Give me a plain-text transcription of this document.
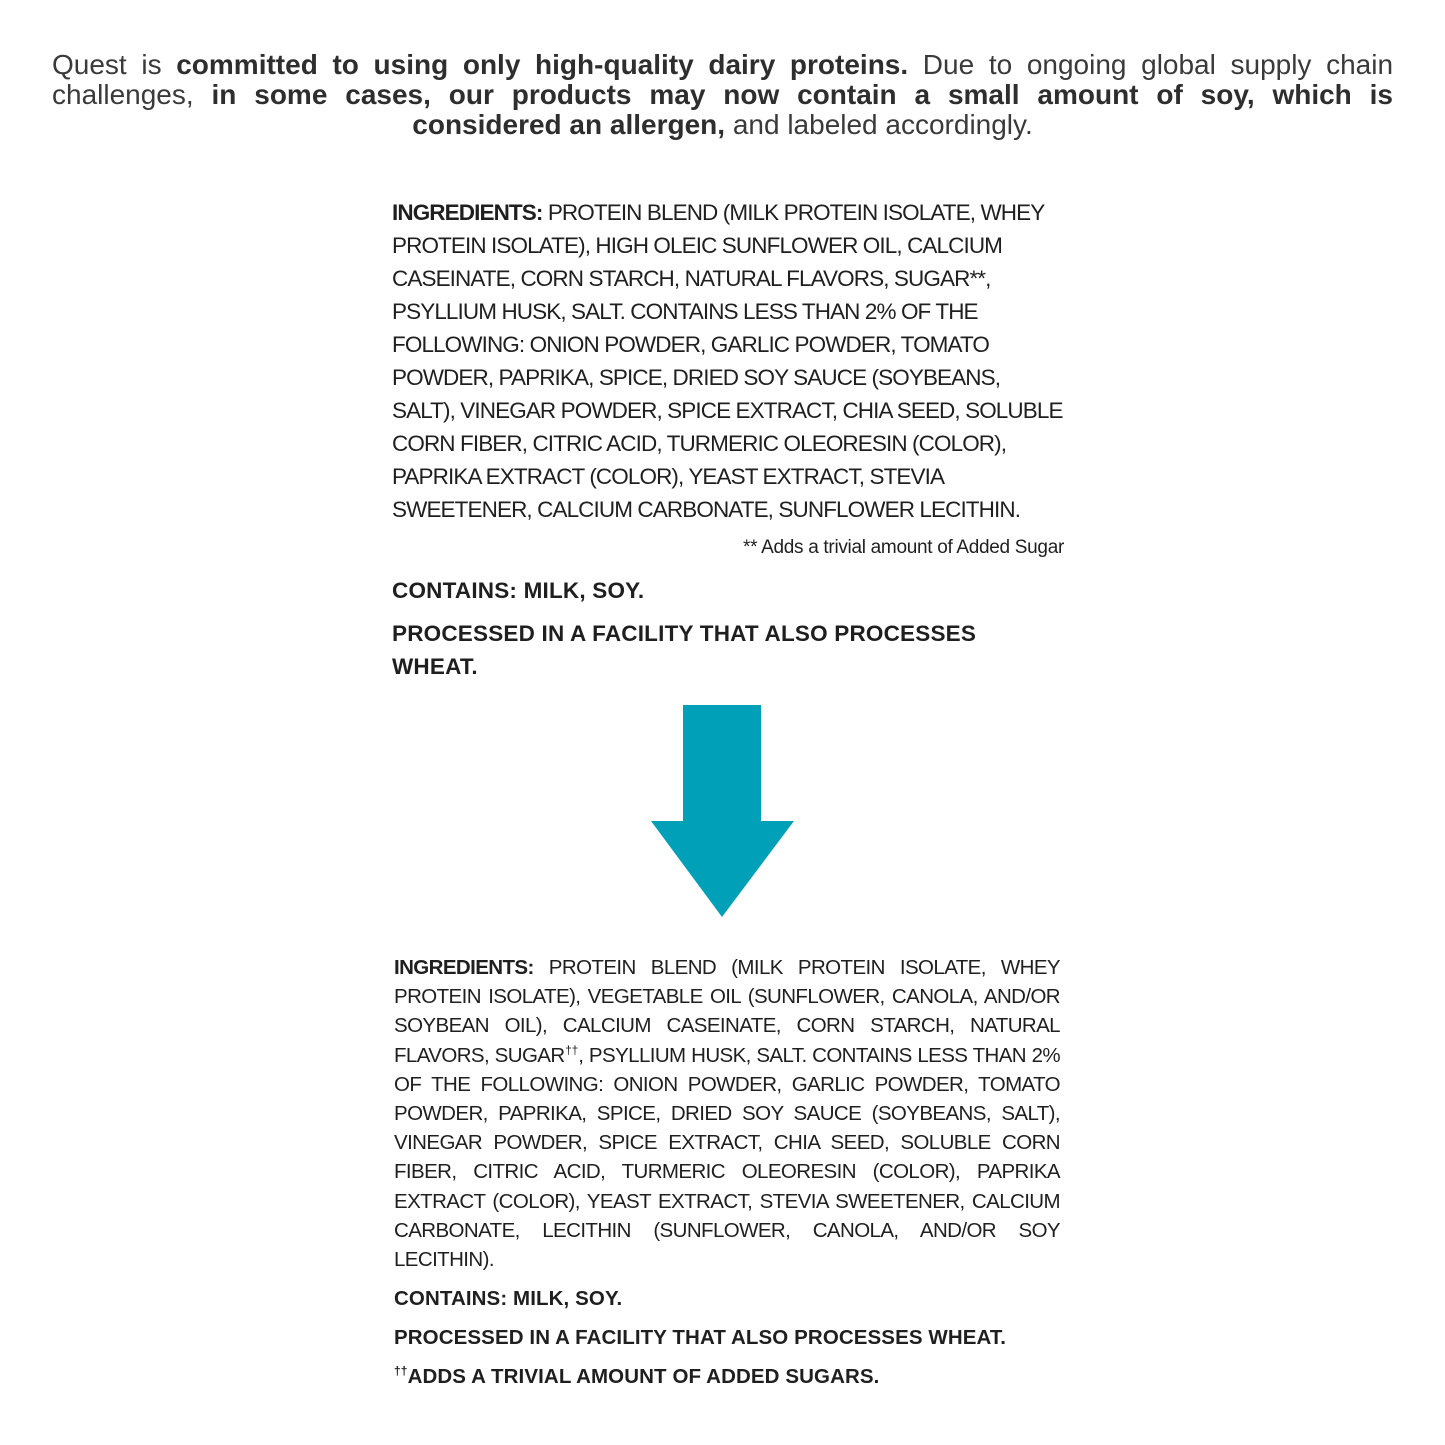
Quest is committed to using only high-quality dairy proteins. Due to ongoing global supply chain challenges, in some cases, our products may now contain a small amount of soy, which is considered an allergen, and labeled accordingly.

INGREDIENTS: PROTEIN BLEND (MILK PROTEIN ISOLATE, WHEY PROTEIN ISOLATE), HIGH OLEIC SUNFLOWER OIL, CALCIUM CASEINATE, CORN STARCH, NATURAL FLAVORS, SUGAR**, PSYLLIUM HUSK, SALT. CONTAINS LESS THAN 2% OF THE FOLLOWING: ONION POWDER, GARLIC POWDER, TOMATO POWDER, PAPRIKA, SPICE, DRIED SOY SAUCE (SOYBEANS, SALT), VINEGAR POWDER, SPICE EXTRACT, CHIA SEED, SOLUBLE CORN FIBER, CITRIC ACID, TURMERIC OLEORESIN (COLOR), PAPRIKA EXTRACT (COLOR), YEAST EXTRACT, STEVIA SWEETENER, CALCIUM CARBONATE, SUNFLOWER LECITHIN.

** Adds a trivial amount of Added Sugar

CONTAINS: MILK, SOY.

PROCESSED IN A FACILITY THAT ALSO PROCESSES WHEAT.

INGREDIENTS: PROTEIN BLEND (MILK PROTEIN ISOLATE, WHEY PROTEIN ISOLATE), VEGETABLE OIL (SUNFLOWER, CANOLA, AND/OR SOYBEAN OIL), CALCIUM CASEINATE, CORN STARCH, NATURAL FLAVORS, SUGAR††, PSYLLIUM HUSK, SALT. CONTAINS LESS THAN 2% OF THE FOLLOWING: ONION POWDER, GARLIC POWDER, TOMATO POWDER, PAPRIKA, SPICE, DRIED SOY SAUCE (SOYBEANS, SALT), VINEGAR POWDER, SPICE EXTRACT, CHIA SEED, SOLUBLE CORN FIBER, CITRIC ACID, TURMERIC OLEORESIN (COLOR), PAPRIKA EXTRACT (COLOR), YEAST EXTRACT, STEVIA SWEETENER, CALCIUM CARBONATE, LECITHIN (SUNFLOWER, CANOLA, AND/OR SOY LECITHIN).

CONTAINS: MILK, SOY.

PROCESSED IN A FACILITY THAT ALSO PROCESSES WHEAT.

††ADDS A TRIVIAL AMOUNT OF ADDED SUGARS.
